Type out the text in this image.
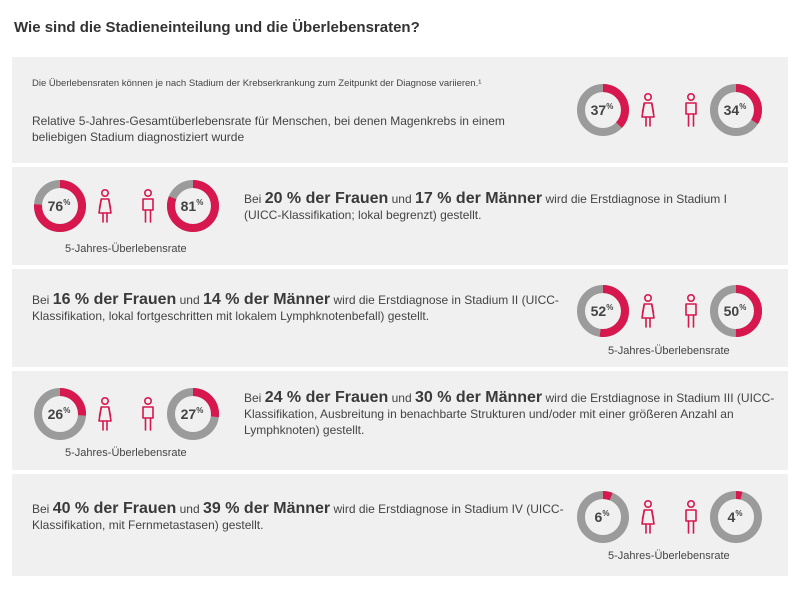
Wie sind die Stadieneinteilung und die Überlebensraten?
Die Überlebensraten können je nach Stadium der Krebserkrankung zum Zeitpunkt der Diagnose variieren.¹
Relative 5-Jahres-Gesamtüberlebensrate für Menschen, bei denen Magenkrebs in einem beliebigen Stadium diagnostiziert wurde
37%	34%
76%	81%
5-Jahres-Überlebensrate
Bei 20 % der Frauen und 17 % der Männer wird die Erstdiagnose in Stadium I (UICC-Klassifikation; lokal begrenzt) gestellt.
Bei 16 % der Frauen und 14 % der Männer wird die Erstdiagnose in Stadium II (UICC-Klassifikation, lokal fortgeschritten mit lokalem Lymphknotenbefall) gestellt.	52%	50%
5-Jahres-Überlebensrate
26%	27%
5-Jahres-Überlebensrate
Bei 24 % der Frauen und 30 % der Männer wird die Erstdiagnose in Stadium III (UICC-Klassifikation, Ausbreitung in benachbarte Strukturen und/oder mit einer größeren Anzahl an Lymphknoten) gestellt.
Bei 40 % der Frauen und 39 % der Männer wird die Erstdiagnose in Stadium IV (UICC-Klassifikation, mit Fernmetastasen) gestellt.	6%	4%
5-Jahres-Überlebensrate
